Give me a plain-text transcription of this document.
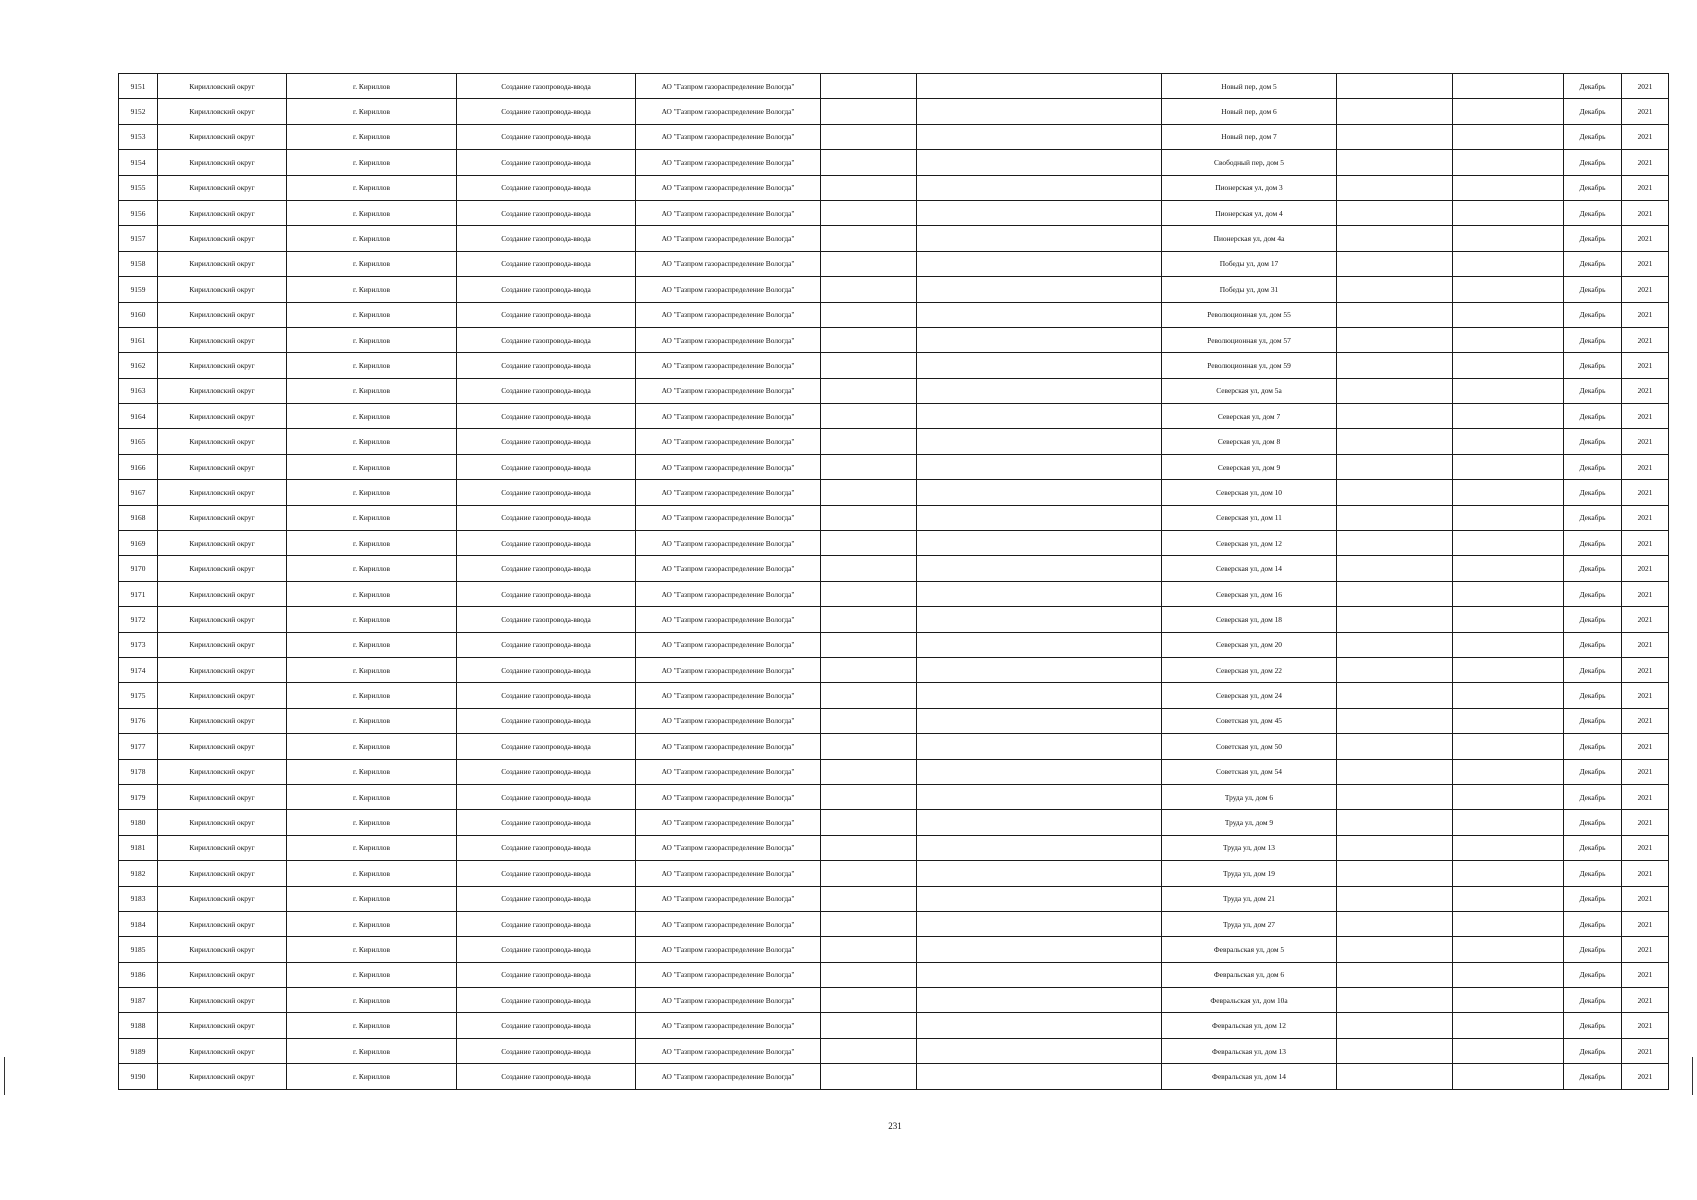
9151	Кирилловский округ	г. Кириллов	Создание газопровода-ввода	АО "Газпром газораспределение Вологда"			Новый пер, дом 5			Декабрь	2021
9152	Кирилловский округ	г. Кириллов	Создание газопровода-ввода	АО "Газпром газораспределение Вологда"			Новый пер, дом 6			Декабрь	2021
9153	Кирилловский округ	г. Кириллов	Создание газопровода-ввода	АО "Газпром газораспределение Вологда"			Новый пер, дом 7			Декабрь	2021
9154	Кирилловский округ	г. Кириллов	Создание газопровода-ввода	АО "Газпром газораспределение Вологда"			Свободный пер, дом 5			Декабрь	2021
9155	Кирилловский округ	г. Кириллов	Создание газопровода-ввода	АО "Газпром газораспределение Вологда"			Пионерская ул, дом 3			Декабрь	2021
9156	Кирилловский округ	г. Кириллов	Создание газопровода-ввода	АО "Газпром газораспределение Вологда"			Пионерская ул, дом 4			Декабрь	2021
9157	Кирилловский округ	г. Кириллов	Создание газопровода-ввода	АО "Газпром газораспределение Вологда"			Пионерская ул, дом 4а			Декабрь	2021
9158	Кирилловский округ	г. Кириллов	Создание газопровода-ввода	АО "Газпром газораспределение Вологда"			Победы ул, дом 17			Декабрь	2021
9159	Кирилловский округ	г. Кириллов	Создание газопровода-ввода	АО "Газпром газораспределение Вологда"			Победы ул, дом 31			Декабрь	2021
9160	Кирилловский округ	г. Кириллов	Создание газопровода-ввода	АО "Газпром газораспределение Вологда"			Революционная ул, дом 55			Декабрь	2021
9161	Кирилловский округ	г. Кириллов	Создание газопровода-ввода	АО "Газпром газораспределение Вологда"			Революционная ул, дом 57			Декабрь	2021
9162	Кирилловский округ	г. Кириллов	Создание газопровода-ввода	АО "Газпром газораспределение Вологда"			Революционная ул, дом 59			Декабрь	2021
9163	Кирилловский округ	г. Кириллов	Создание газопровода-ввода	АО "Газпром газораспределение Вологда"			Северская ул, дом 5а			Декабрь	2021
9164	Кирилловский округ	г. Кириллов	Создание газопровода-ввода	АО "Газпром газораспределение Вологда"			Северская ул, дом 7			Декабрь	2021
9165	Кирилловский округ	г. Кириллов	Создание газопровода-ввода	АО "Газпром газораспределение Вологда"			Северская ул, дом 8			Декабрь	2021
9166	Кирилловский округ	г. Кириллов	Создание газопровода-ввода	АО "Газпром газораспределение Вологда"			Северская ул, дом 9			Декабрь	2021
9167	Кирилловский округ	г. Кириллов	Создание газопровода-ввода	АО "Газпром газораспределение Вологда"			Северская ул, дом 10			Декабрь	2021
9168	Кирилловский округ	г. Кириллов	Создание газопровода-ввода	АО "Газпром газораспределение Вологда"			Северская ул, дом 11			Декабрь	2021
9169	Кирилловский округ	г. Кириллов	Создание газопровода-ввода	АО "Газпром газораспределение Вологда"			Северская ул, дом 12			Декабрь	2021
9170	Кирилловский округ	г. Кириллов	Создание газопровода-ввода	АО "Газпром газораспределение Вологда"			Северская ул, дом 14			Декабрь	2021
9171	Кирилловский округ	г. Кириллов	Создание газопровода-ввода	АО "Газпром газораспределение Вологда"			Северская ул, дом 16			Декабрь	2021
9172	Кирилловский округ	г. Кириллов	Создание газопровода-ввода	АО "Газпром газораспределение Вологда"			Северская ул, дом 18			Декабрь	2021
9173	Кирилловский округ	г. Кириллов	Создание газопровода-ввода	АО "Газпром газораспределение Вологда"			Северская ул, дом 20			Декабрь	2021
9174	Кирилловский округ	г. Кириллов	Создание газопровода-ввода	АО "Газпром газораспределение Вологда"			Северская ул, дом 22			Декабрь	2021
9175	Кирилловский округ	г. Кириллов	Создание газопровода-ввода	АО "Газпром газораспределение Вологда"			Северская ул, дом 24			Декабрь	2021
9176	Кирилловский округ	г. Кириллов	Создание газопровода-ввода	АО "Газпром газораспределение Вологда"			Советская ул, дом 45			Декабрь	2021
9177	Кирилловский округ	г. Кириллов	Создание газопровода-ввода	АО "Газпром газораспределение Вологда"			Советская ул, дом 50			Декабрь	2021
9178	Кирилловский округ	г. Кириллов	Создание газопровода-ввода	АО "Газпром газораспределение Вологда"			Советская ул, дом 54			Декабрь	2021
9179	Кирилловский округ	г. Кириллов	Создание газопровода-ввода	АО "Газпром газораспределение Вологда"			Труда ул, дом 6			Декабрь	2021
9180	Кирилловский округ	г. Кириллов	Создание газопровода-ввода	АО "Газпром газораспределение Вологда"			Труда ул, дом 9			Декабрь	2021
9181	Кирилловский округ	г. Кириллов	Создание газопровода-ввода	АО "Газпром газораспределение Вологда"			Труда ул, дом 13			Декабрь	2021
9182	Кирилловский округ	г. Кириллов	Создание газопровода-ввода	АО "Газпром газораспределение Вологда"			Труда ул, дом 19			Декабрь	2021
9183	Кирилловский округ	г. Кириллов	Создание газопровода-ввода	АО "Газпром газораспределение Вологда"			Труда ул, дом 21			Декабрь	2021
9184	Кирилловский округ	г. Кириллов	Создание газопровода-ввода	АО "Газпром газораспределение Вологда"			Труда ул, дом 27			Декабрь	2021
9185	Кирилловский округ	г. Кириллов	Создание газопровода-ввода	АО "Газпром газораспределение Вологда"			Февральская ул, дом 5			Декабрь	2021
9186	Кирилловский округ	г. Кириллов	Создание газопровода-ввода	АО "Газпром газораспределение Вологда"			Февральская ул, дом 6			Декабрь	2021
9187	Кирилловский округ	г. Кириллов	Создание газопровода-ввода	АО "Газпром газораспределение Вологда"			Февральская ул, дом 10а			Декабрь	2021
9188	Кирилловский округ	г. Кириллов	Создание газопровода-ввода	АО "Газпром газораспределение Вологда"			Февральская ул, дом 12			Декабрь	2021
9189	Кирилловский округ	г. Кириллов	Создание газопровода-ввода	АО "Газпром газораспределение Вологда"			Февральская ул, дом 13			Декабрь	2021
9190	Кирилловский округ	г. Кириллов	Создание газопровода-ввода	АО "Газпром газораспределение Вологда"			Февральская ул, дом 14			Декабрь	2021
231
